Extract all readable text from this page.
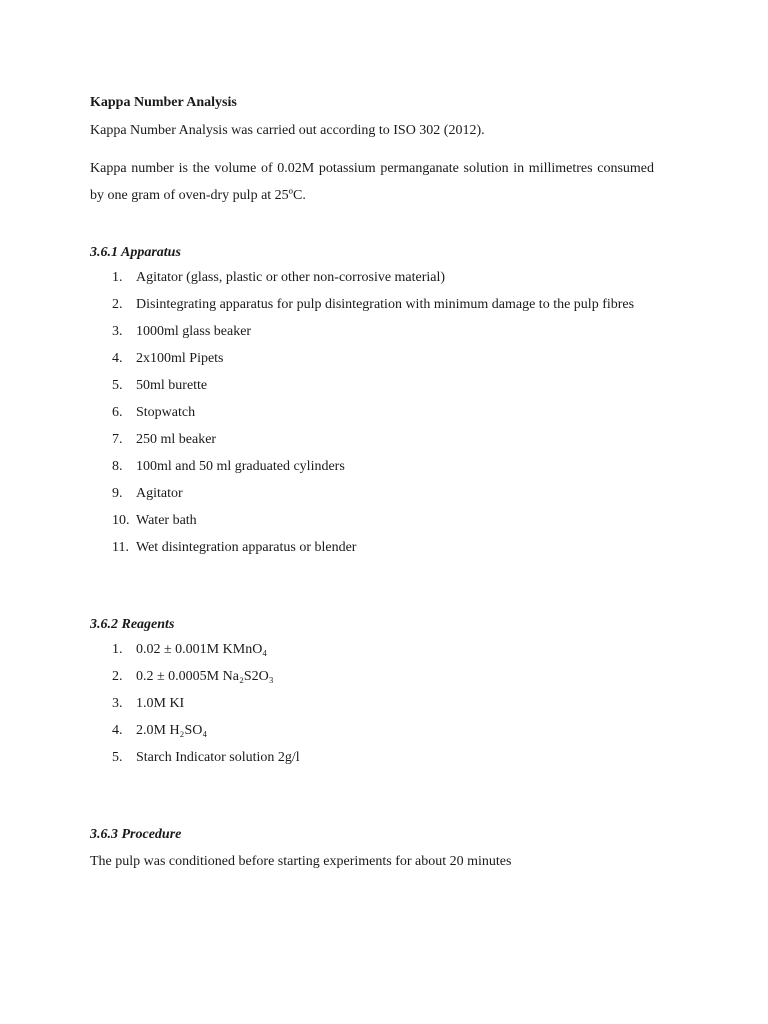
Kappa Number Analysis

Kappa Number Analysis was carried out according to ISO 302 (2012).

Kappa number is the volume of 0.02M potassium permanganate solution in millimetres consumed by one gram of oven-dry pulp at 25ºC.

3.6.1 Apparatus

1. Agitator (glass, plastic or other non-corrosive material)
2. Disintegrating apparatus for pulp disintegration with minimum damage to the pulp fibres
3. 1000ml glass beaker
4. 2x100ml Pipets
5. 50ml burette
6. Stopwatch
7. 250 ml beaker
8. 100ml and 50 ml graduated cylinders
9. Agitator
10. Water bath
11. Wet disintegration apparatus or blender

3.6.2 Reagents

1. 0.02 ± 0.001M KMnO₄
2. 0.2 ± 0.0005M Na₂S2O₃
3. 1.0M KI
4. 2.0M H₂SO₄
5. Starch Indicator solution 2g/l

3.6.3 Procedure

The pulp was conditioned before starting experiments for about 20 minutes
